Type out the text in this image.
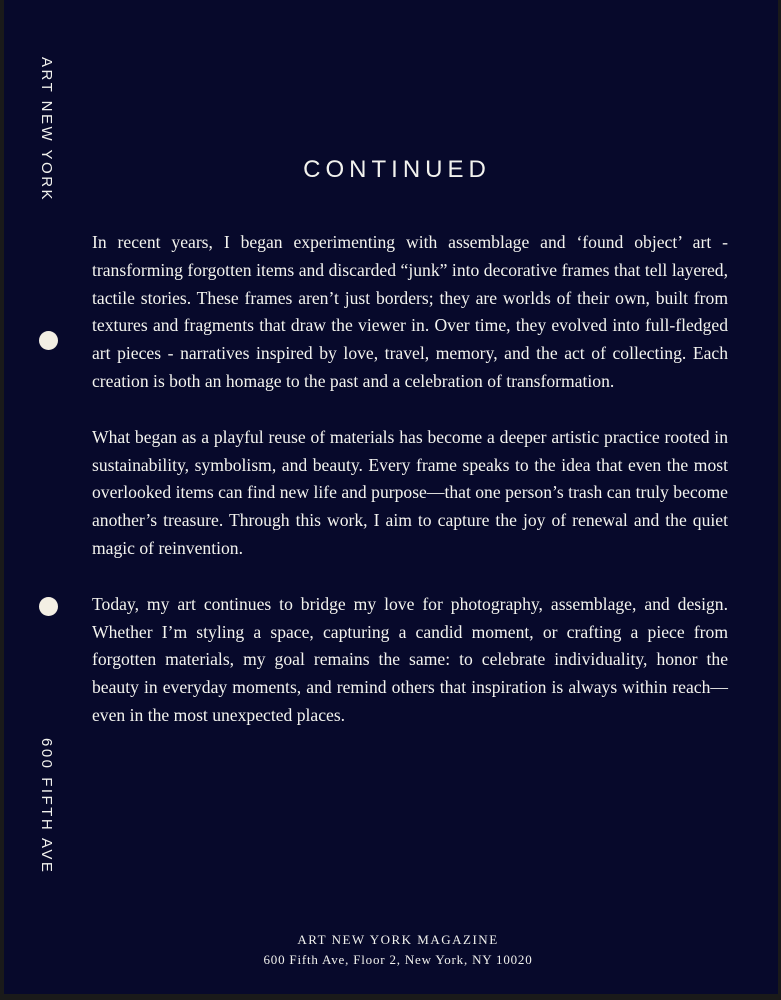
ART NEW YORK
600 FIFTH AVE
CONTINUED

In recent years, I began experimenting with assemblage and ‘found object’ art - transforming forgotten items and discarded “junk” into decorative frames that tell layered, tactile stories. These frames aren’t just borders; they are worlds of their own, built from textures and fragments that draw the viewer in. Over time, they evolved into full-fledged art pieces - narratives inspired by love, travel, memory, and the act of collecting. Each creation is both an homage to the past and a celebration of transformation.

What began as a playful reuse of materials has become a deeper artistic practice rooted in sustainability, symbolism, and beauty. Every frame speaks to the idea that even the most overlooked items can find new life and purpose—that one person’s trash can truly become another’s treasure. Through this work, I aim to capture the joy of renewal and the quiet magic of reinvention.

Today, my art continues to bridge my love for photography, assemblage, and design. Whether I’m styling a space, capturing a candid moment, or crafting a piece from forgotten materials, my goal remains the same: to celebrate individuality, honor the beauty in everyday moments, and remind others that inspiration is always within reach—even in the most unexpected places.

ART NEW YORK MAGAZINE
600 Fifth Ave, Floor 2, New York, NY 10020
